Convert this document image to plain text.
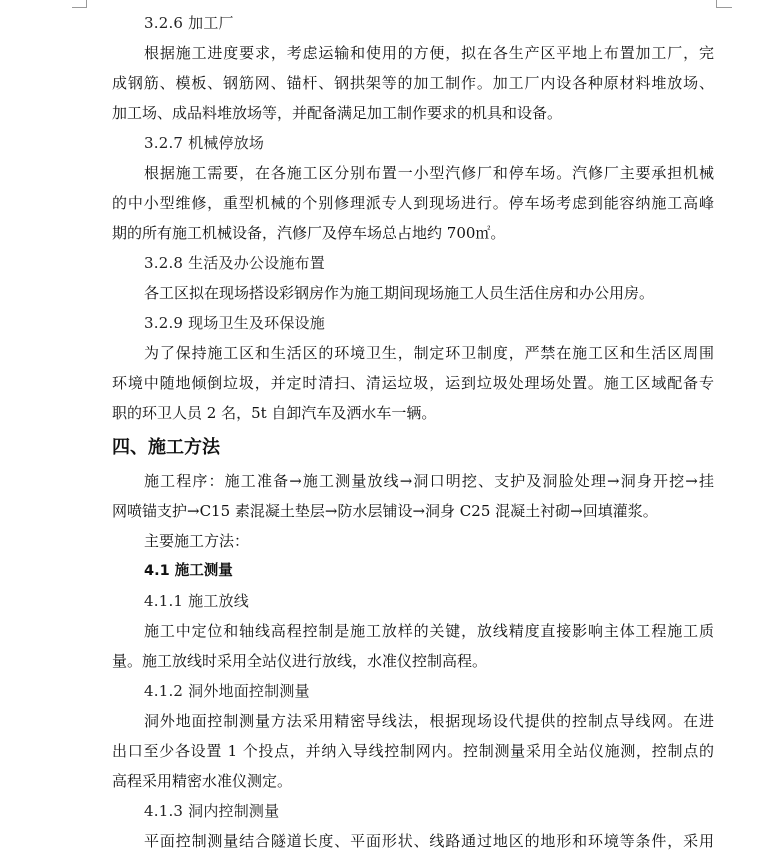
3.2.6 加工厂
根据施工进度要求，考虑运输和使用的方便，拟在各生产区平地上布置加工厂，完
成钢筋、模板、钢筋网、锚杆、钢拱架等的加工制作。加工厂内设各种原材料堆放场、
加工场、成品料堆放场等，并配备满足加工制作要求的机具和设备。
3.2.7 机械停放场
根据施工需要，在各施工区分别布置一小型汽修厂和停车场。汽修厂主要承担机械
的中小型维修，重型机械的个别修理派专人到现场进行。停车场考虑到能容纳施工高峰
期的所有施工机械设备，汽修厂及停车场总占地约 700㎡。
3.2.8 生活及办公设施布置
各工区拟在现场搭设彩钢房作为施工期间现场施工人员生活住房和办公用房。
3.2.9 现场卫生及环保设施
为了保持施工区和生活区的环境卫生，制定环卫制度，严禁在施工区和生活区周围
环境中随地倾倒垃圾，并定时清扫、清运垃圾，运到垃圾处理场处置。施工区域配备专
职的环卫人员 2 名，5t 自卸汽车及洒水车一辆。
四、施工方法
施工程序：施工准备→施工测量放线→洞口明挖、支护及洞脸处理→洞身开挖→挂
网喷锚支护→C15 素混凝土垫层→防水层铺设→洞身 C25 混凝土衬砌→回填灌浆。
主要施工方法：
4.1 施工测量
4.1.1 施工放线
施工中定位和轴线高程控制是施工放样的关键，放线精度直接影响主体工程施工质
量。施工放线时采用全站仪进行放线，水准仪控制高程。
4.1.2 洞外地面控制测量
洞外地面控制测量方法采用精密导线法，根据现场设代提供的控制点导线网。在进
出口至少各设置 1 个投点，并纳入导线控制网内。控制测量采用全站仪施测，控制点的
高程采用精密水准仪测定。
4.1.3 洞内控制测量
平面控制测量结合隧道长度、平面形状、线路通过地区的地形和环境等条件，采用
